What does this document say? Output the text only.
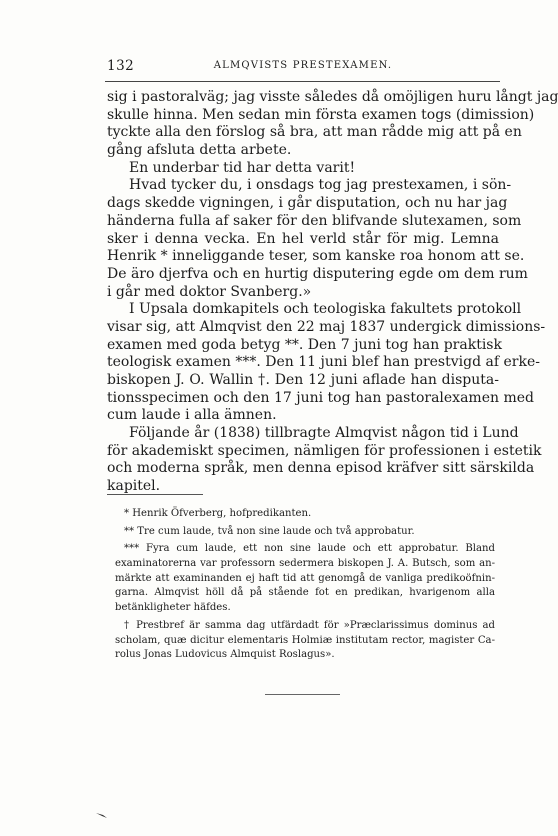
132	ALMQVISTS PRESTEXAMEN.
sig i pastoralväg; jag visste således då omöjligen huru långt jag
skulle hinna. Men sedan min första examen togs (dimission)
tyckte alla den förslog så bra, att man rådde mig att på en
gång afsluta detta arbete.
En underbar tid har detta varit!
Hvad tycker du, i onsdags tog jag prestexamen, i sön-
dags skedde vigningen, i går disputation, och nu har jag
händerna fulla af saker för den blifvande slutexamen, som
sker i denna vecka. En hel verld står för mig. Lemna
Henrik * inneliggande teser, som kanske roa honom att se.
De äro djerfva och en hurtig disputering egde om dem rum
i går med doktor Svanberg.»
I Upsala domkapitels och teologiska fakultets protokoll
visar sig, att Almqvist den 22 maj 1837 undergick dimissions-
examen med goda betyg **. Den 7 juni tog han praktisk
teologisk examen ***. Den 11 juni blef han prestvigd af erke-
biskopen J. O. Wallin †. Den 12 juni aflade han disputa-
tionsspecimen och den 17 juni tog han pastoralexamen med
cum laude i alla ämnen.
Följande år (1838) tillbragte Almqvist någon tid i Lund
för akademiskt specimen, nämligen för professionen i estetik
och moderna språk, men denna episod kräfver sitt särskilda
kapitel.
* Henrik Öfverberg, hofpredikanten.
** Tre cum laude, två non sine laude och två approbatur.
*** Fyra cum laude, ett non sine laude och ett approbatur. Bland
examinatorerna var professorn sedermera biskopen J. A. Butsch, som an-
märkte att examinanden ej haft tid att genomgå de vanliga predikoöfnin-
garna. Almqvist höll då på stående fot en predikan, hvarigenom alla
betänkligheter häfdes.
† Prestbref är samma dag utfärdadt för »Præclarissimus dominus ad
scholam, quæ dicitur elementaris Holmiæ institutam rector, magister Ca-
rolus Jonas Ludovicus Almquist Roslagus».
